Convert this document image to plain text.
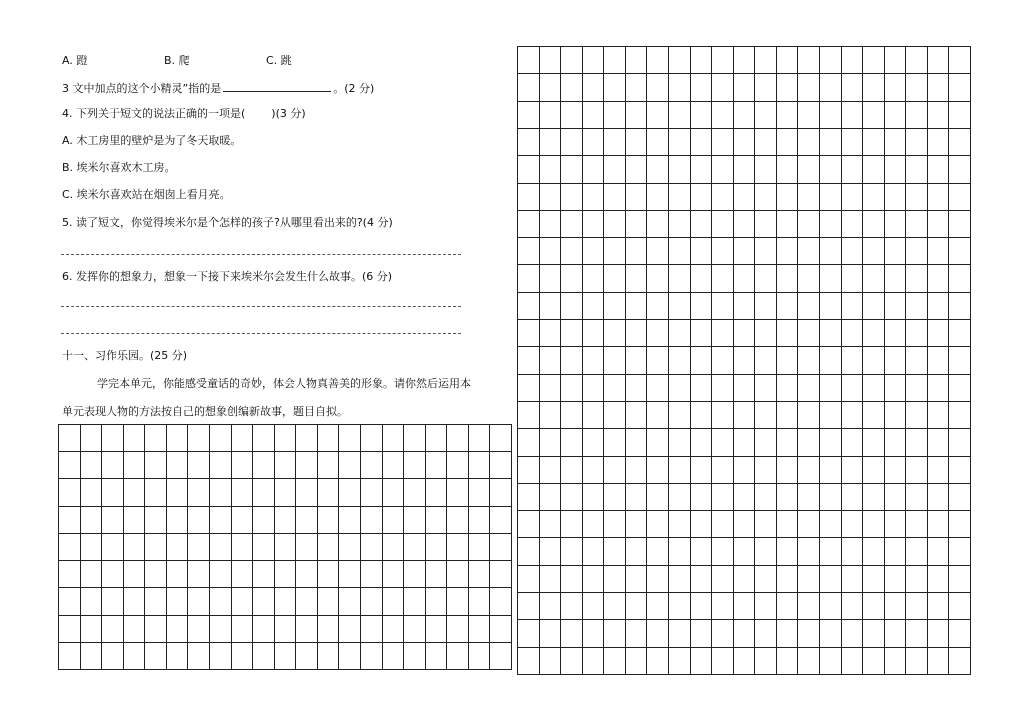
A. 蹬	B. 爬	C. 跳
3 文中加点的这个小精灵”指的是	。(2 分)
4. 下列关于短文的说法正确的一项是( )(3 分)
A. 木工房里的壁炉是为了冬天取暖。
B. 埃米尔喜欢木工房。
C. 埃米尔喜欢站在烟囱上看月亮。
5. 读了短文，你觉得埃米尔是个怎样的孩子?从哪里看出来的?(4 分)
6. 发挥你的想象力，想象一下接下来埃米尔会发生什么故事。(6 分)
十一、习作乐园。(25 分)
学完本单元，你能感受童话的奇妙，体会人物真善美的形象。请你然后运用本
单元表现人物的方法按自己的想象创编新故事，题目自拟。
